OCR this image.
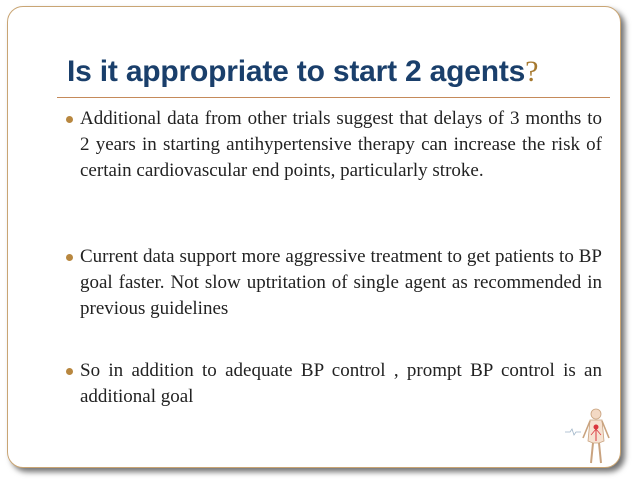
Is it appropriate to start 2 agents?

Additional data from other trials suggest that delays of 3 months to 2 years in starting antihypertensive therapy can increase the risk of certain cardiovascular end points, particularly stroke.

Current data support more aggressive treatment to get patients to BP goal faster. Not slow uptritation of single agent as recommended in previous guidelines

So in addition to adequate BP control , prompt BP control is an additional goal
